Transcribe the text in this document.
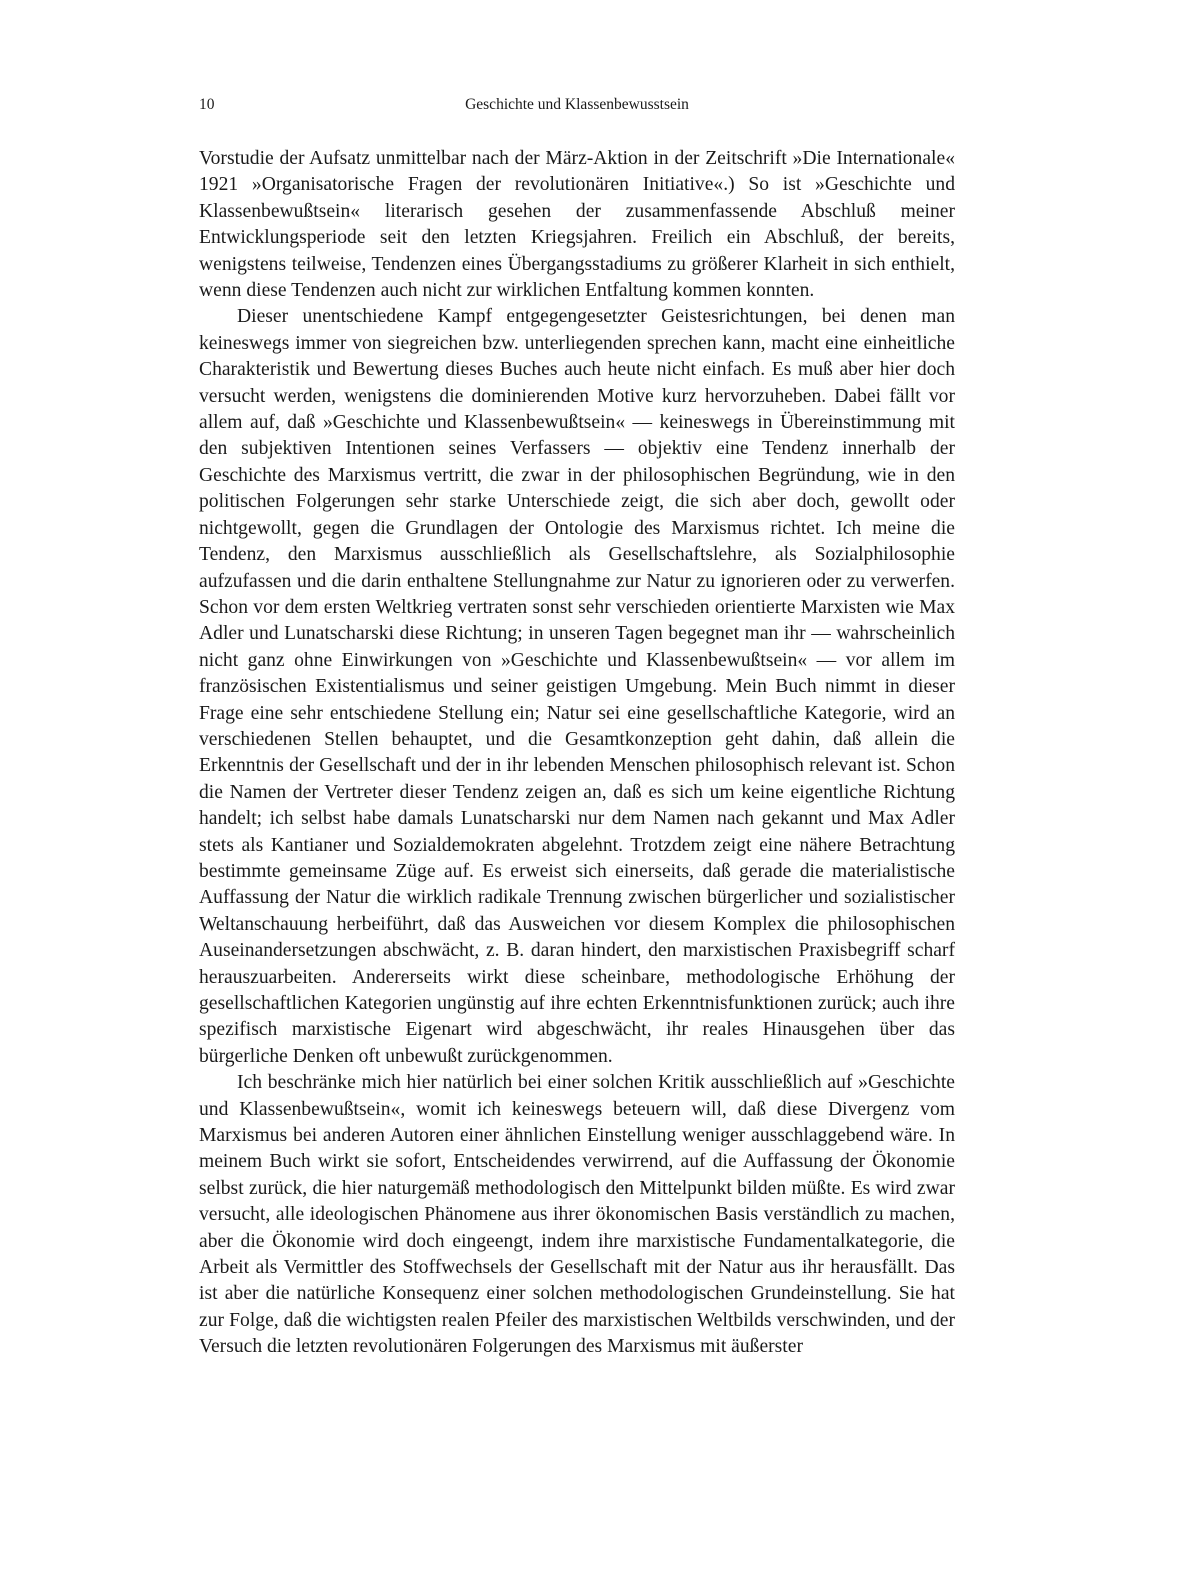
10	Geschichte und Klassenbewusstsein

Vorstudie der Aufsatz unmittelbar nach der März-Aktion in der Zeitschrift »Die Internationale« 1921 »Organisatorische Fragen der revolutionären Initiative«.) So ist »Geschichte und Klassenbewußtsein« literarisch gesehen der zusammenfassende Abschluß meiner Entwicklungsperiode seit den letzten Kriegsjahren. Freilich ein Abschluß, der bereits, wenigstens teilweise, Tendenzen eines Übergangsstadiums zu größerer Klarheit in sich enthielt, wenn diese Tendenzen auch nicht zur wirklichen Entfaltung kommen konnten.

Dieser unentschiedene Kampf entgegengesetzter Geistesrichtungen, bei denen man keineswegs immer von siegreichen bzw. unterliegenden sprechen kann, macht eine einheitliche Charakteristik und Bewertung dieses Buches auch heute nicht einfach. Es muß aber hier doch versucht werden, wenigstens die dominierenden Motive kurz hervorzuheben. Dabei fällt vor allem auf, daß »Geschichte und Klassenbewußtsein« — keineswegs in Übereinstimmung mit den subjektiven Intentionen seines Verfassers — objektiv eine Tendenz innerhalb der Geschichte des Marxismus vertritt, die zwar in der philosophischen Begründung, wie in den politischen Folgerungen sehr starke Unterschiede zeigt, die sich aber doch, gewollt oder nichtgewollt, gegen die Grundlagen der Ontologie des Marxismus richtet. Ich meine die Tendenz, den Marxismus ausschließlich als Gesellschaftslehre, als Sozialphilosophie aufzufassen und die darin enthaltene Stellungnahme zur Natur zu ignorieren oder zu verwerfen. Schon vor dem ersten Weltkrieg vertraten sonst sehr verschieden orientierte Marxisten wie Max Adler und Lunatscharski diese Richtung; in unseren Tagen begegnet man ihr — wahrscheinlich nicht ganz ohne Einwirkungen von »Geschichte und Klassenbewußtsein« — vor allem im französischen Existentialismus und seiner geistigen Umgebung. Mein Buch nimmt in dieser Frage eine sehr entschiedene Stellung ein; Natur sei eine gesellschaftliche Kategorie, wird an verschiedenen Stellen behauptet, und die Gesamtkonzeption geht dahin, daß allein die Erkenntnis der Gesellschaft und der in ihr lebenden Menschen philosophisch relevant ist. Schon die Namen der Vertreter dieser Tendenz zeigen an, daß es sich um keine eigentliche Richtung handelt; ich selbst habe damals Lunatscharski nur dem Namen nach gekannt und Max Adler stets als Kantianer und Sozialdemokraten abgelehnt. Trotzdem zeigt eine nähere Betrachtung bestimmte gemeinsame Züge auf. Es erweist sich einerseits, daß gerade die materialistische Auffassung der Natur die wirklich radikale Trennung zwischen bürgerlicher und sozialistischer Weltanschauung herbeiführt, daß das Ausweichen vor diesem Komplex die philosophischen Auseinandersetzungen abschwächt, z. B. daran hindert, den marxistischen Praxisbegriff scharf herauszuarbeiten. Andererseits wirkt diese scheinbare, methodologische Erhöhung der gesellschaftlichen Kategorien ungünstig auf ihre echten Erkenntnisfunktionen zurück; auch ihre spezifisch marxistische Eigenart wird abgeschwächt, ihr reales Hinausgehen über das bürgerliche Denken oft unbewußt zurückgenommen.

Ich beschränke mich hier natürlich bei einer solchen Kritik ausschließlich auf »Geschichte und Klassenbewußtsein«, womit ich keineswegs beteuern will, daß diese Divergenz vom Marxismus bei anderen Autoren einer ähnlichen Einstellung weniger ausschlaggebend wäre. In meinem Buch wirkt sie sofort, Entscheidendes verwirrend, auf die Auffassung der Ökonomie selbst zurück, die hier naturgemäß methodologisch den Mittelpunkt bilden müßte. Es wird zwar versucht, alle ideologischen Phänomene aus ihrer ökonomischen Basis verständlich zu machen, aber die Ökonomie wird doch eingeengt, indem ihre marxistische Fundamentalkategorie, die Arbeit als Vermittler des Stoffwechsels der Gesellschaft mit der Natur aus ihr herausfällt. Das ist aber die natürliche Konsequenz einer solchen methodologischen Grundeinstellung. Sie hat zur Folge, daß die wichtigsten realen Pfeiler des marxistischen Weltbilds verschwinden, und der Versuch die letzten revolutionären Folgerungen des Marxismus mit äußerster
